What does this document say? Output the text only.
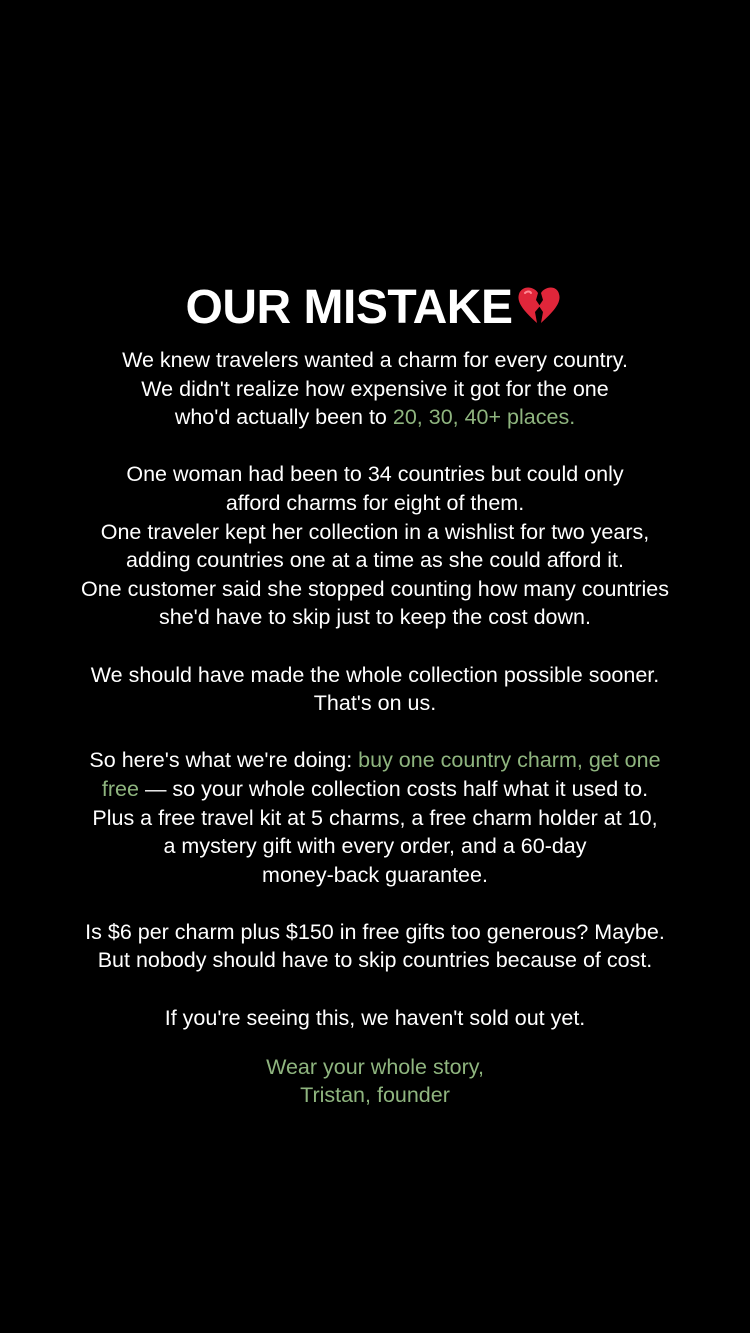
OUR MISTAKE

We knew travelers wanted a charm for every country.
We didn't realize how expensive it got for the one
who'd actually been to 20, 30, 40+ places.

One woman had been to 34 countries but could only
afford charms for eight of them.
One traveler kept her collection in a wishlist for two years,
adding countries one at a time as she could afford it.
One customer said she stopped counting how many countries
she'd have to skip just to keep the cost down.

We should have made the whole collection possible sooner.
That's on us.

So here's what we're doing: buy one country charm, get one
free — so your whole collection costs half what it used to.
Plus a free travel kit at 5 charms, a free charm holder at 10,
a mystery gift with every order, and a 60-day
money-back guarantee.

Is $6 per charm plus $150 in free gifts too generous? Maybe.
But nobody should have to skip countries because of cost.

If you're seeing this, we haven't sold out yet.

Wear your whole story,
Tristan, founder
